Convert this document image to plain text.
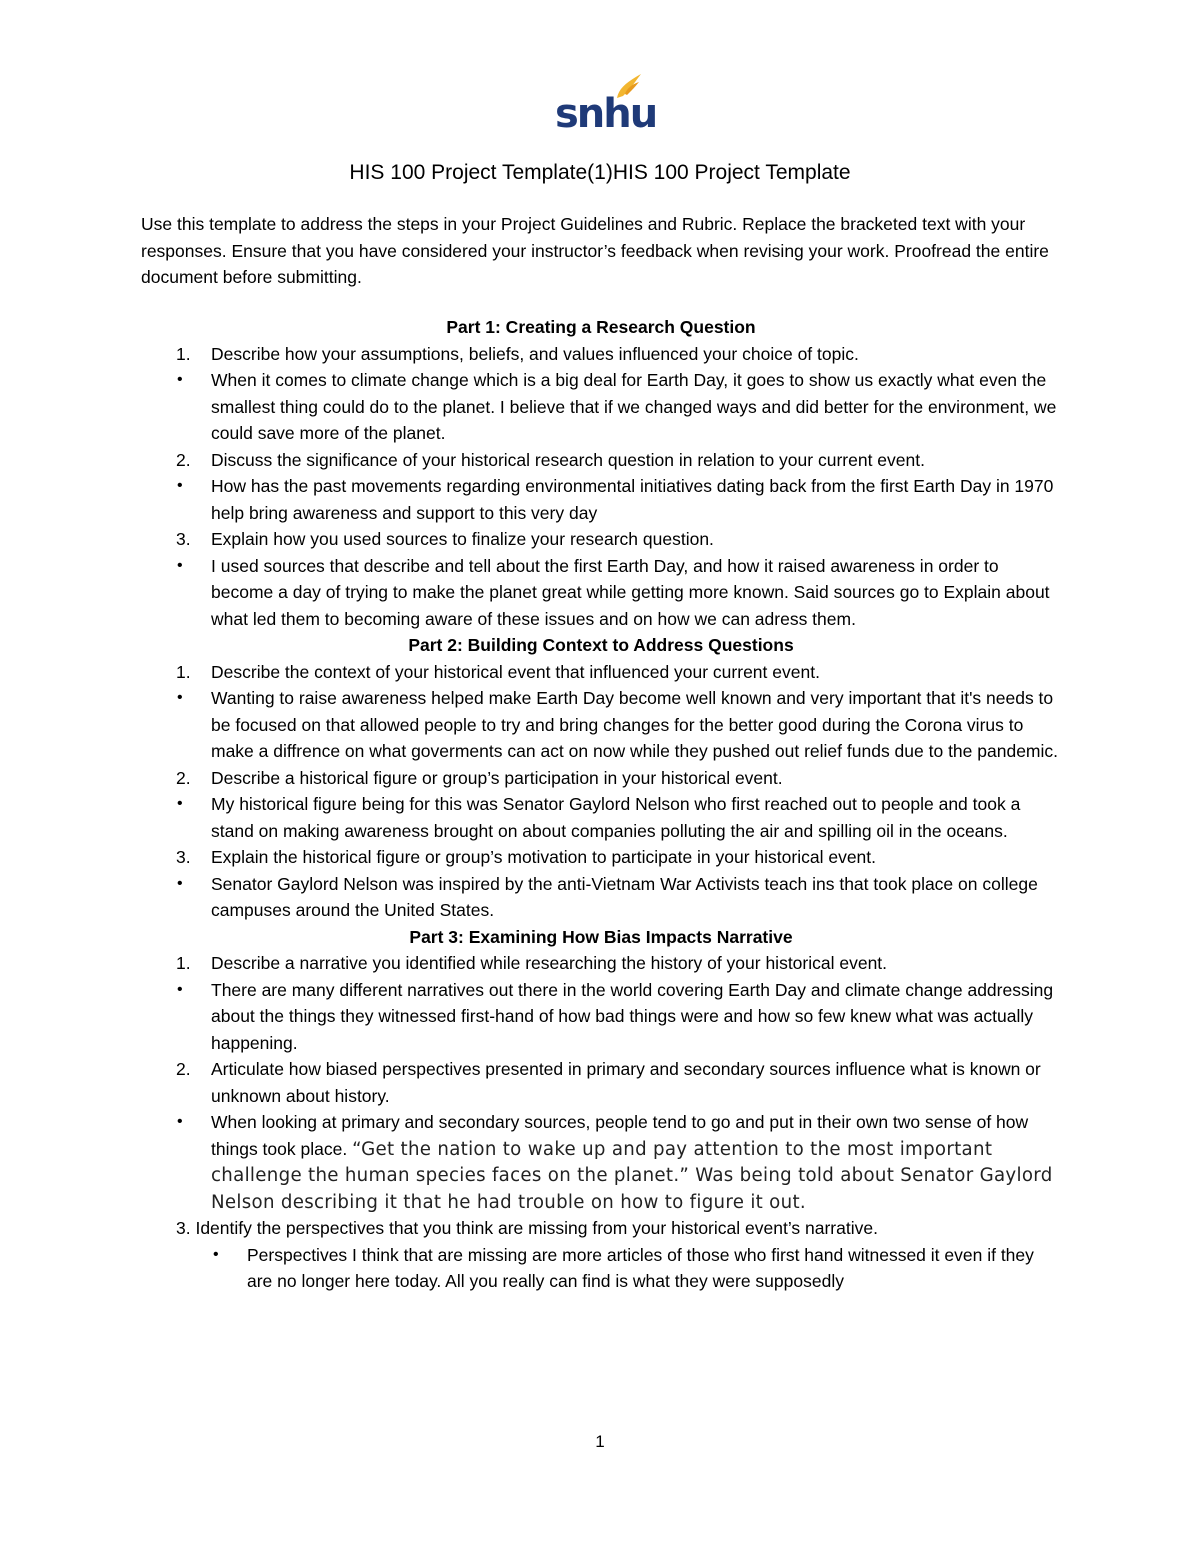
snhu
HIS 100 Project Template(1)HIS 100 Project Template
Use this template to address the steps in your Project Guidelines and Rubric. Replace the bracketed text with your responses. Ensure that you have considered your instructor’s feedback when revising your work. Proofread the entire document before submitting.
Part 1: Creating a Research Question
1. Describe how your assumptions, beliefs, and values influenced your choice of topic.
• When it comes to climate change which is a big deal for Earth Day, it goes to show us exactly what even the smallest thing could do to the planet. I believe that if we changed ways and did better for the environment, we could save more of the planet.
2. Discuss the significance of your historical research question in relation to your current event.
• How has the past movements regarding environmental initiatives dating back from the first Earth Day in 1970 help bring awareness and support to this very day
3. Explain how you used sources to finalize your research question.
• I used sources that describe and tell about the first Earth Day, and how it raised awareness in order to become a day of trying to make the planet great while getting more known. Said sources go to Explain about what led them to becoming aware of these issues and on how we can adress them.
Part 2: Building Context to Address Questions
1. Describe the context of your historical event that influenced your current event.
• Wanting to raise awareness helped make Earth Day become well known and very important that it's needs to be focused on that allowed people to try and bring changes for the better good during the Corona virus to make a diffrence on what goverments can act on now while they pushed out relief funds due to the pandemic.
2. Describe a historical figure or group’s participation in your historical event.
• My historical figure being for this was Senator Gaylord Nelson who first reached out to people and took a stand on making awareness brought on about companies polluting the air and spilling oil in the oceans.
3. Explain the historical figure or group’s motivation to participate in your historical event.
• Senator Gaylord Nelson was inspired by the anti-Vietnam War Activists teach ins that took place on college campuses around the United States.
Part 3: Examining How Bias Impacts Narrative
1. Describe a narrative you identified while researching the history of your historical event.
• There are many different narratives out there in the world covering Earth Day and climate change addressing about the things they witnessed first-hand of how bad things were and how so few knew what was actually happening.
2. Articulate how biased perspectives presented in primary and secondary sources influence what is known or unknown about history.
• When looking at primary and secondary sources, people tend to go and put in their own two sense of how things took place. “Get the nation to wake up and pay attention to the most important challenge the human species faces on the planet.” Was being told about Senator Gaylord Nelson describing it that he had trouble on how to figure it out.
3. Identify the perspectives that you think are missing from your historical event’s narrative.
• Perspectives I think that are missing are more articles of those who first hand witnessed it even if they are no longer here today. All you really can find is what they were supposedly
1
